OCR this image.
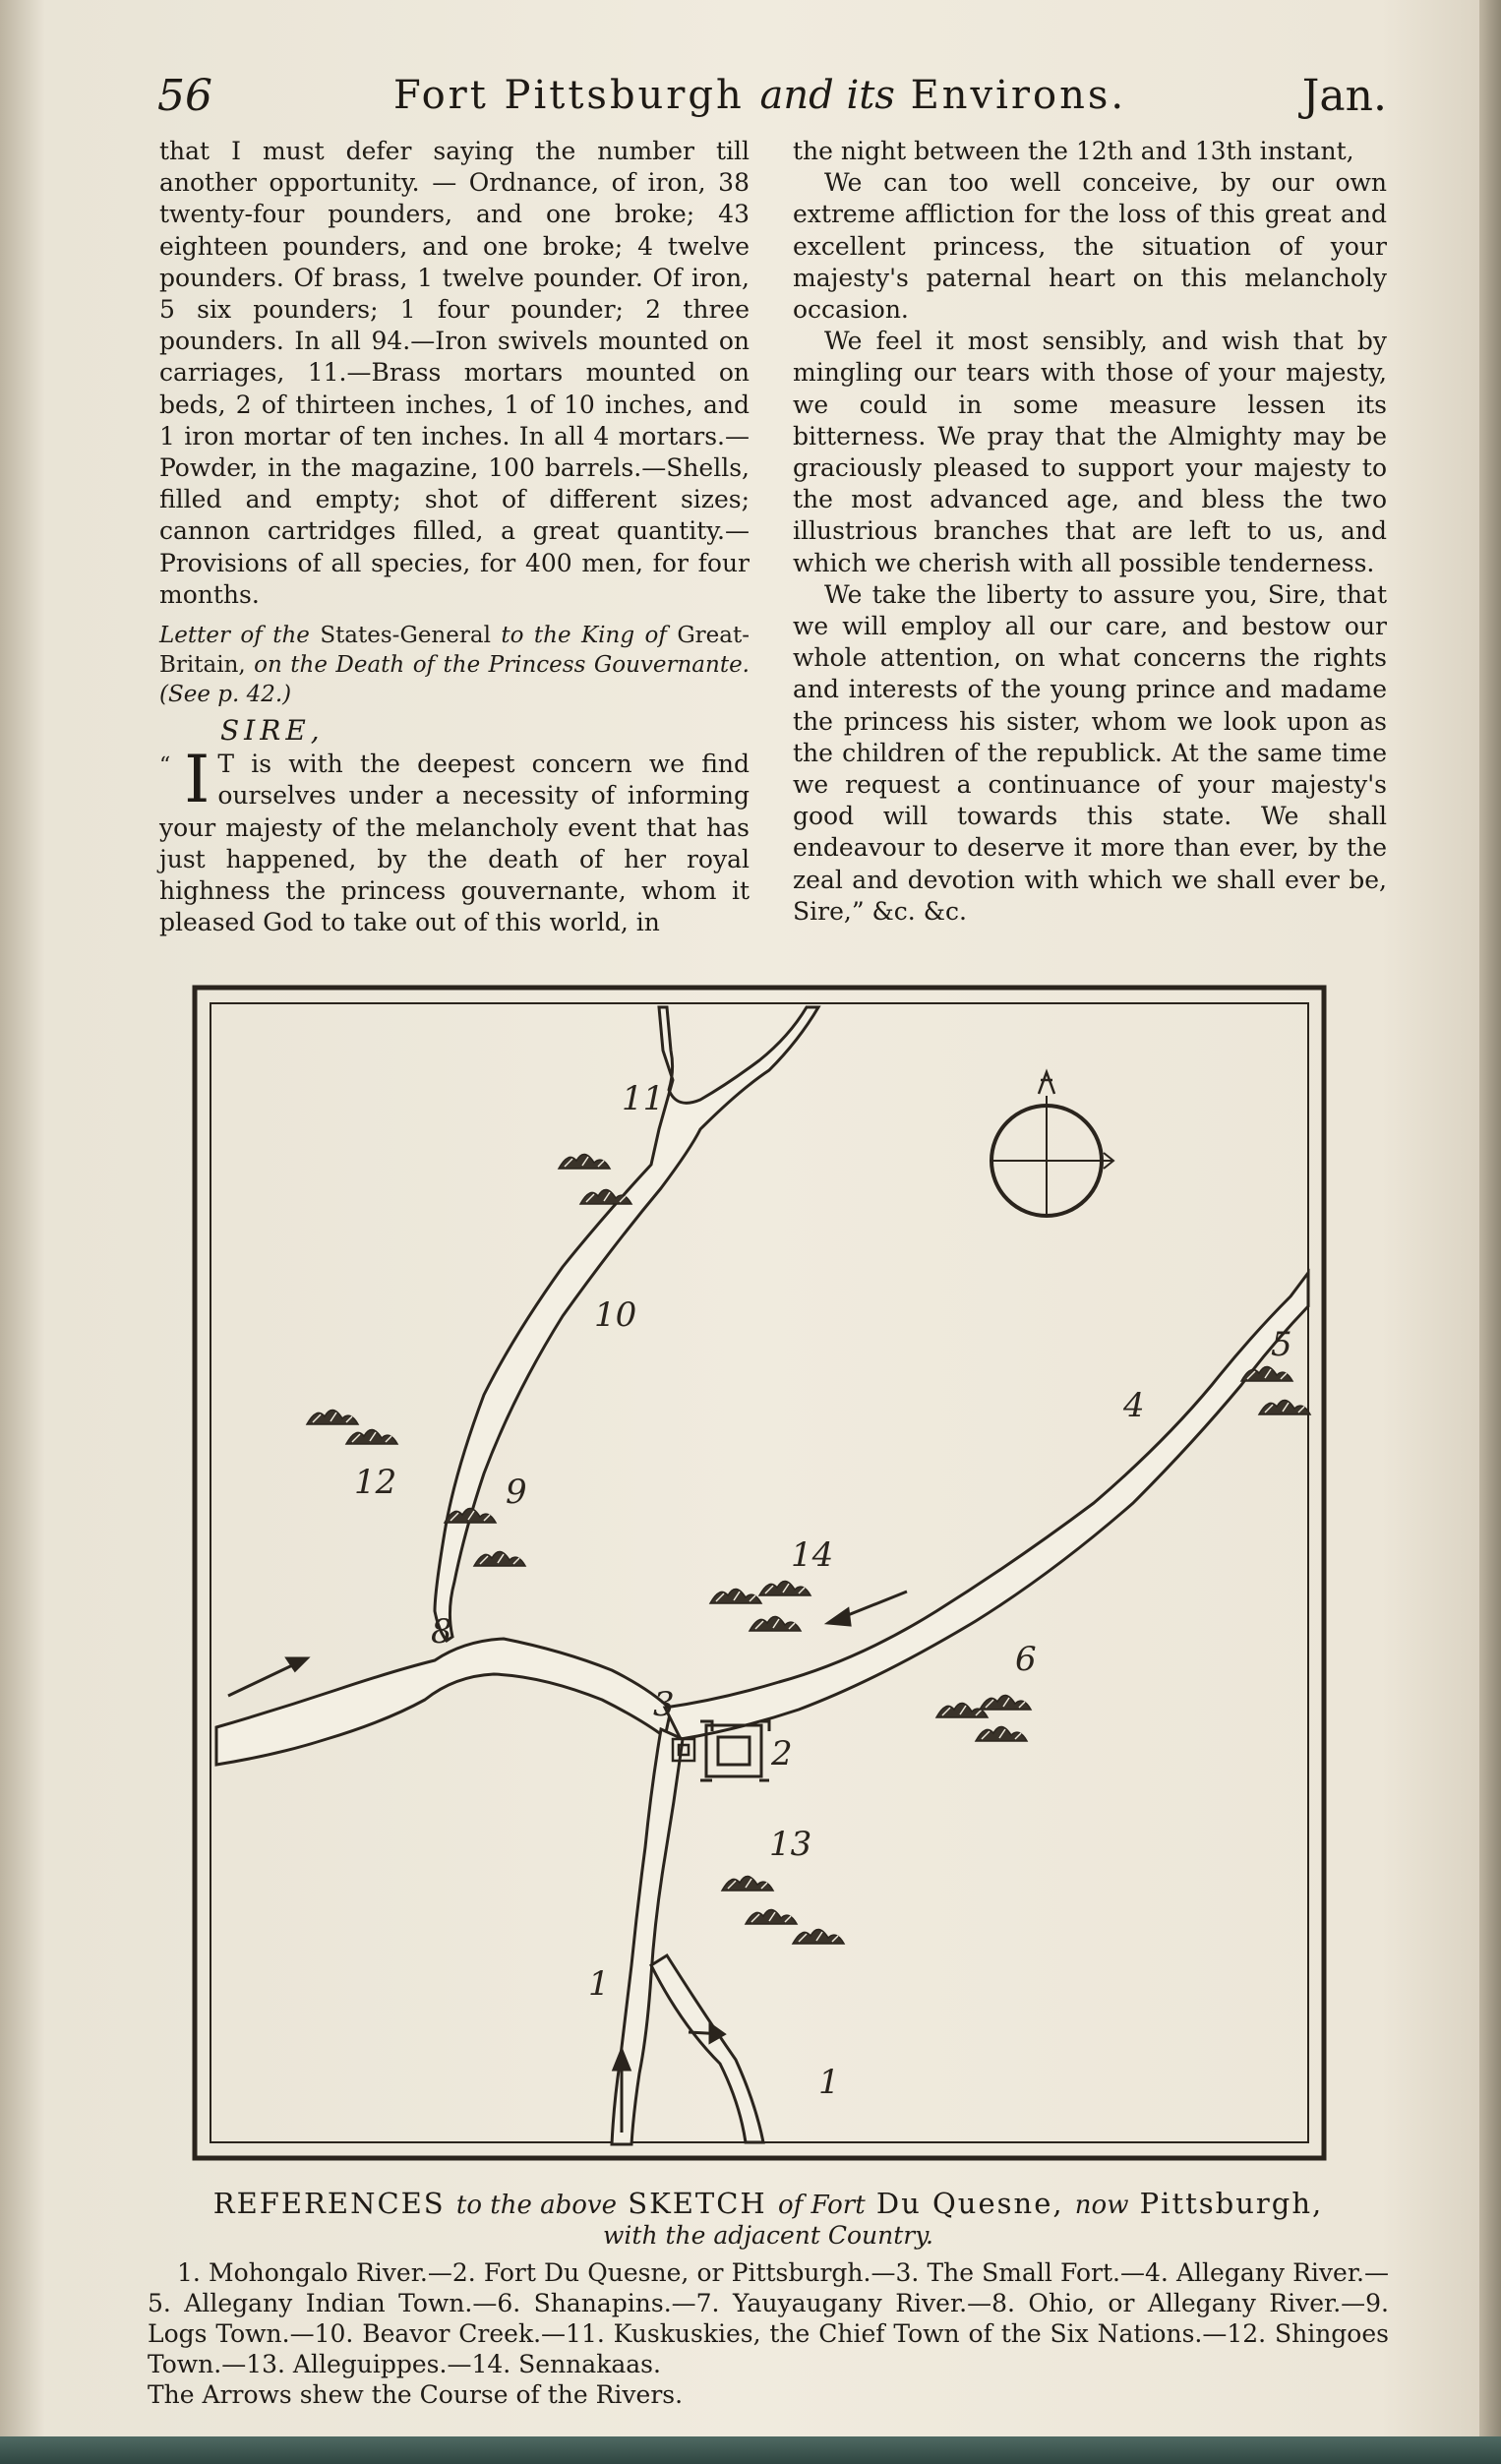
56	Fort Pittsburgh and its Environs.	Jan.

that I must defer saying the number till another opportunity. — Ordnance, of iron, 38 twenty-four pounders, and one broke; 43 eighteen pounders, and one broke; 4 twelve pounders. Of brass, 1 twelve pounder. Of iron, 5 six pounders; 1 four pounder; 2 three pounders. In all 94.—Iron swivels mounted on carriages, 11.—Brass mortars mounted on beds, 2 of thirteen inches, 1 of 10 inches, and 1 iron mortar of ten inches. In all 4 mortars.—Powder, in the magazine, 100 barrels.—Shells, filled and empty; shot of different sizes; cannon cartridges filled, a great quantity.—Provisions of all species, for 400 men, for four months.

Letter of the States-General to the King of Great-Britain, on the Death of the Princess Gouvernante. (See p. 42.)

SIRE,

“ I T is with the deepest concern we find ourselves under a necessity of informing your majesty of the melancholy event that has just happened, by the death of her royal highness the princess gouvernante, whom it pleased God to take out of this world, in

the night between the 12th and 13th instant,

We can too well conceive, by our own extreme affliction for the loss of this great and excellent princess, the situation of your majesty's paternal heart on this melancholy occasion.

We feel it most sensibly, and wish that by mingling our tears with those of your majesty, we could in some measure lessen its bitterness. We pray that the Almighty may be graciously pleased to support your majesty to the most advanced age, and bless the two illustrious branches that are left to us, and which we cherish with all possible tenderness.

We take the liberty to assure you, Sire, that we will employ all our care, and bestow our whole attention, on what concerns the rights and interests of the young prince and madame the princess his sister, whom we look upon as the children of the republick. At the same time we request a continuance of your majesty's good will towards this state. We shall endeavour to deserve it more than ever, by the zeal and devotion with which we shall ever be, Sire,” &c. &c.

11
10
12	9
14
8
4
5
6
3
2
13
1
1
REFERENCES to the above SKETCH of Fort Du Quesne, now Pittsburgh,
with the adjacent Country.
1. Mohongalo River.—2. Fort Du Quesne, or Pittsburgh.—3. The Small Fort.—4. Allegany River.—5. Allegany Indian Town.—6. Shanapins.—7. Yauyaugany River.—8. Ohio, or Allegany River.—9. Logs Town.—10. Beavor Creek.—11. Kuskuskies, the Chief Town of the Six Nations.—12. Shingoes Town.—13. Alleguippes.—14. Sennakaas.
The Arrows shew the Course of the Rivers.
